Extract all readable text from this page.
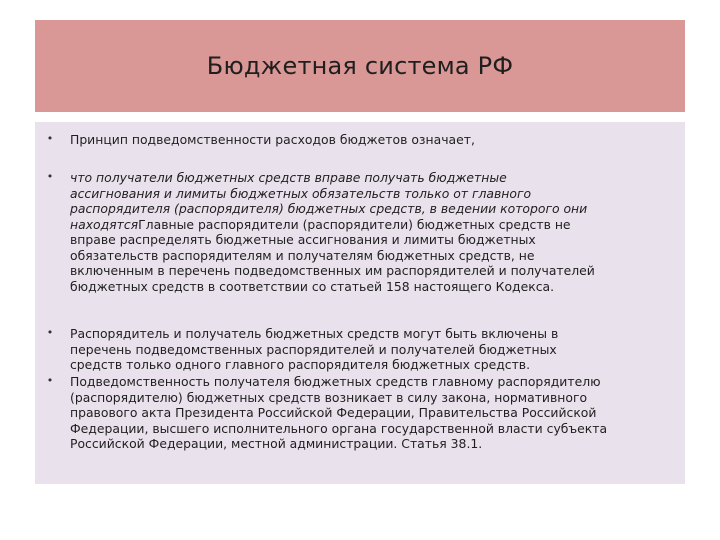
Бюджетная система РФ
•	Принцип подведомственности расходов бюджетов означает,
•	что получатели бюджетных средств вправе получать бюджетные
ассигнования и лимиты бюджетных обязательств только от главного
распорядителя (распорядителя) бюджетных средств, в ведении которого они
находятсяГлавные распорядители (распорядители) бюджетных средств не
вправе распределять бюджетные ассигнования и лимиты бюджетных
обязательств распорядителям и получателям бюджетных средств, не
включенным в перечень подведомственных им распорядителей и получателей
бюджетных средств в соответствии со статьей 158 настоящего Кодекса.
•	Распорядитель и получатель бюджетных средств могут быть включены в
перечень подведомственных распорядителей и получателей бюджетных
средств только одного главного распорядителя бюджетных средств.
•	Подведомственность получателя бюджетных средств главному распорядителю
(распорядителю) бюджетных средств возникает в силу закона, нормативного
правового акта Президента Российской Федерации, Правительства Российской
Федерации, высшего исполнительного органа государственной власти субъекта
Российской Федерации, местной администрации. Статья 38.1.
